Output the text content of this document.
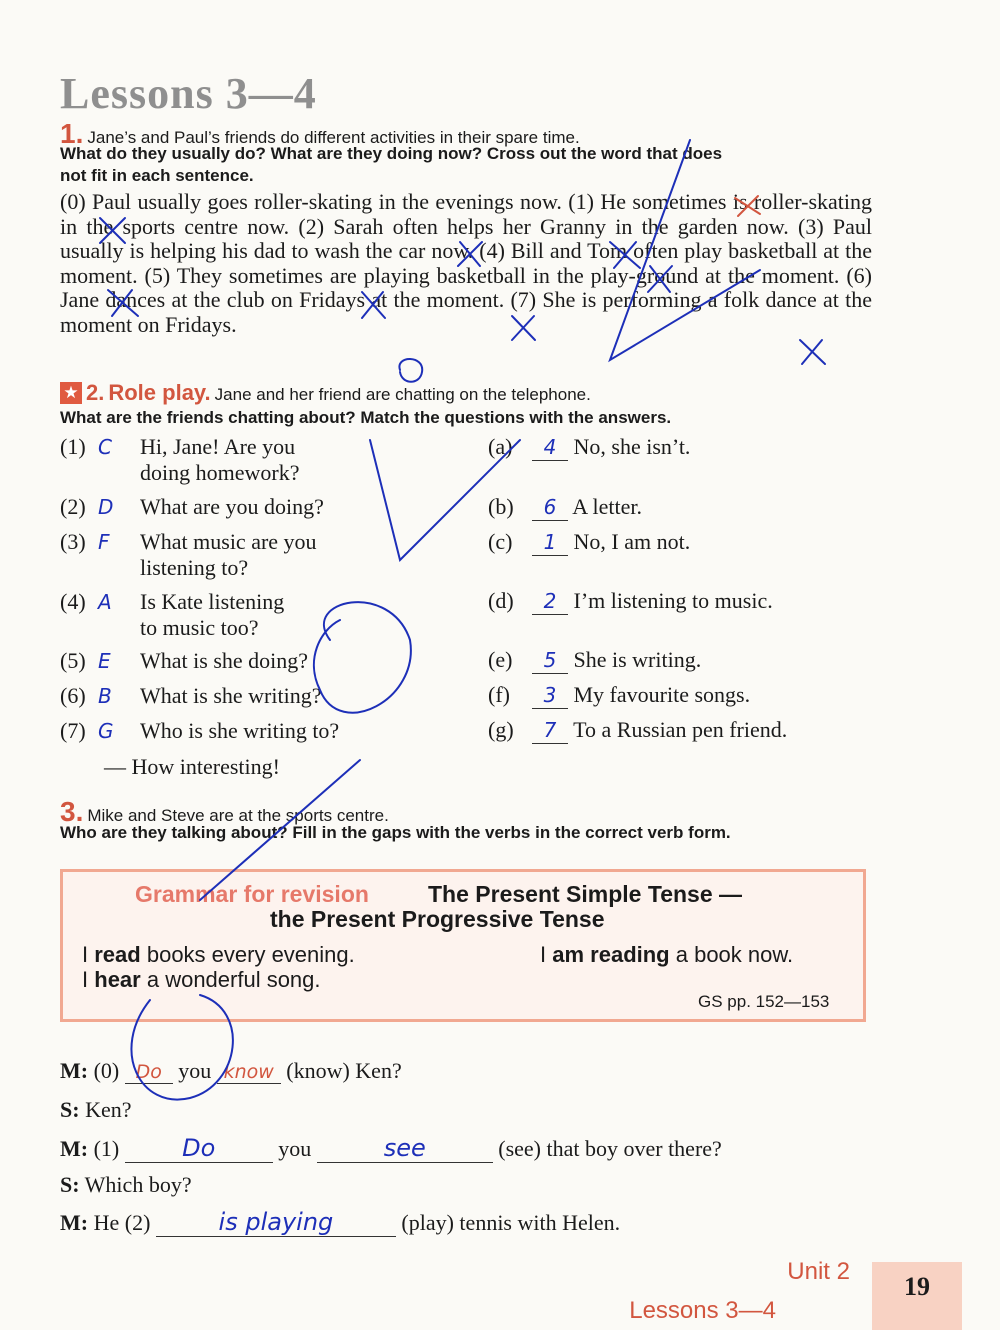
Lessons 3—4
1. Jane’s and Paul’s friends do different activities in their spare time.
What do they usually do? What are they doing now? Cross out the word that does
not fit in each sentence.
(0) Paul usually goes roller-skating in the evenings now. (1) He sometimes is roller-skating in the sports centre now. (2) Sarah often helps her Granny in the garden now. (3) Paul usually is helping his dad to wash the car now. (4) Bill and Tom often play basketball at the moment. (5) They sometimes are playing basketball in the play-ground at the moment. (6) Jane dances at the club on Fridays at the moment. (7) She is performing a folk dance at the moment on Fridays.
★ 2. Role play. Jane and her friend are chatting on the telephone.
What are the friends chatting about? Match the questions with the answers.
(1) C Hi, Jane! Are you
doing homework?
(2) D What are you doing?
(3) F What music are you
listening to?
(4) A Is Kate listening
to music too?
(5) E What is she doing?
(6) B What is she writing?
(7) G Who is she writing to?
— How interesting!
(a) 4 No, she isn’t.
(b) 6 A letter.
(c) 1 No, I am not.
(d) 2 I’m listening to music.
(e) 5 She is writing.
(f) 3 My favourite songs.
(g) 7 To a Russian pen friend.
3. Mike and Steve are at the sports centre.
Who are they talking about? Fill in the gaps with the verbs in the correct verb form.
Grammar for revision	The Present Simple Tense —
the Present Progressive Tense
I read books every evening.
I hear a wonderful song.
I am reading a book now.
GS pp. 152—153
M: (0) Do you know (know) Ken?
S: Ken?
M: (1)	Do	you	see	(see) that boy over there?
S: Which boy?
M: He (2)	is playing	(play) tennis with Helen.
19
Unit 2
Lessons 3—4
